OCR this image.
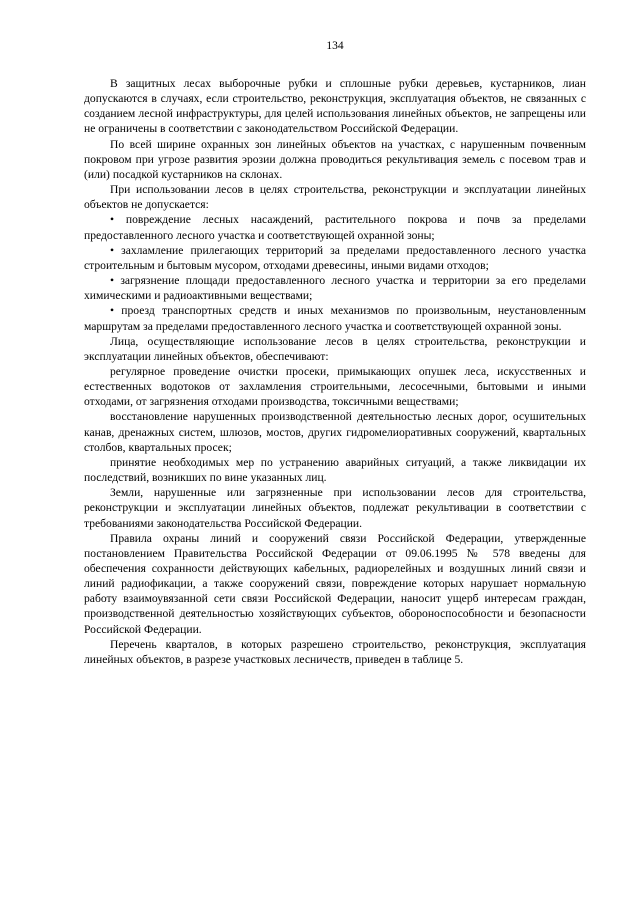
134

В защитных лесах выборочные рубки и сплошные рубки деревьев, кустарников, лиан допускаются в случаях, если строительство, реконструкция, эксплуатация объектов, не связанных с созданием лесной инфраструктуры, для целей использования линейных объектов, не запрещены или не ограничены в соответствии с законодательством Российской Федерации.

По всей ширине охранных зон линейных объектов на участках, с нарушенным почвенным покровом при угрозе развития эрозии должна проводиться рекультивация земель с посевом трав и (или) посадкой кустарников на склонах.

При использовании лесов в целях строительства, реконструкции и эксплуатации линейных объектов не допускается:

• повреждение лесных насаждений, растительного покрова и почв за пределами предоставленного лесного участка и соответствующей охранной зоны;

• захламление прилегающих территорий за пределами предоставленного лесного участка строительным и бытовым мусором, отходами древесины, иными видами отходов;

• загрязнение площади предоставленного лесного участка и территории за его пределами химическими и радиоактивными веществами;

• проезд транспортных средств и иных механизмов по произвольным, неустановленным маршрутам за пределами предоставленного лесного участка и соответствующей охранной зоны.

Лица, осуществляющие использование лесов в целях строительства, реконструкции и эксплуатации линейных объектов, обеспечивают:

регулярное проведение очистки просеки, примыкающих опушек леса, искусственных и естественных водотоков от захламления строительными, лесосечными, бытовыми и иными отходами, от загрязнения отходами производства, токсичными веществами;

восстановление нарушенных производственной деятельностью лесных дорог, осушительных канав, дренажных систем, шлюзов, мостов, других гидромелиоративных сооружений, квартальных столбов, квартальных просек;

принятие необходимых мер по устранению аварийных ситуаций, а также ликвидации их последствий, возникших по вине указанных лиц.

Земли, нарушенные или загрязненные при использовании лесов для строительства, реконструкции и эксплуатации линейных объектов, подлежат рекультивации в соответствии с требованиями законодательства Российской Федерации.

Правила охраны линий и сооружений связи Российской Федерации, утвержденные постановлением Правительства Российской Федерации от 09.06.1995 № 578 введены для обеспечения сохранности действующих кабельных, радиорелейных и воздушных линий связи и линий радиофикации, а также сооружений связи, повреждение которых нарушает нормальную работу взаимоувязанной сети связи Российской Федерации, наносит ущерб интересам граждан, производственной деятельностью хозяйствующих субъектов, обороноспособности и безопасности Российской Федерации.

Перечень кварталов, в которых разрешено строительство, реконструкция, эксплуатация линейных объектов, в разрезе участковых лесничеств, приведен в таблице 5.
